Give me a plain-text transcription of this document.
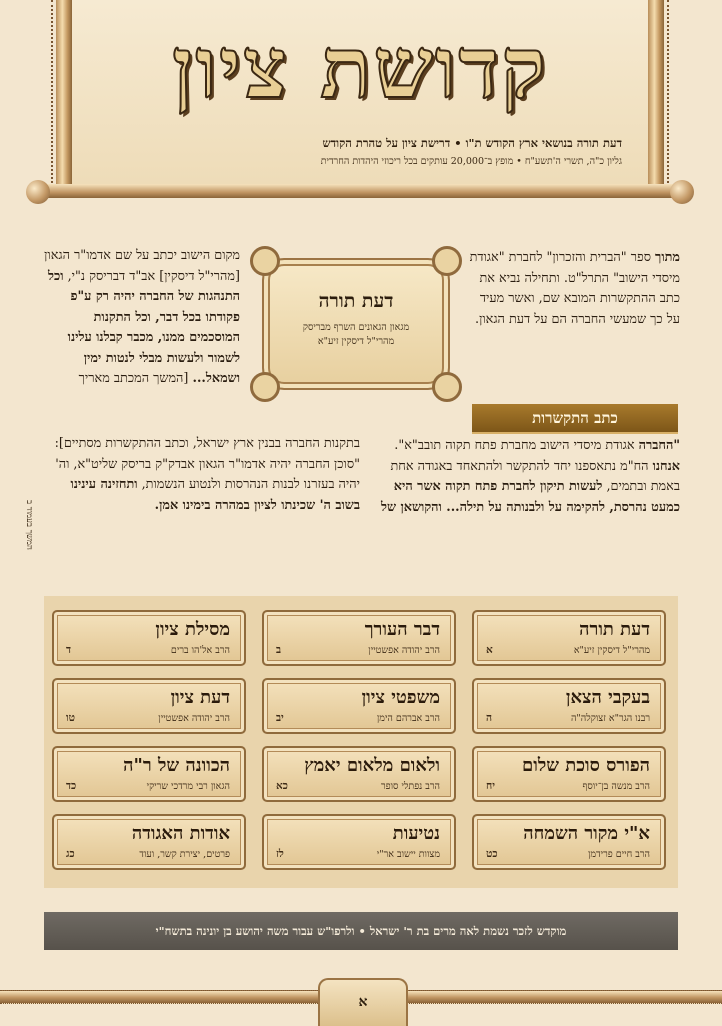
קדושת ציון
דעת תורה בנושאי ארץ הקודש ת"ו • דרישת ציון על טהרת הקודש
גליון כ"ה, תשרי ה'תשע"ח • מופץ ב־20,000 עותקים בכל ריכוזי היהדות החרדית
מתוך ספר "הברית והזכרון" לחברת "אגודת מיסדי הישוב" התרל"ט. ותחילה נביא את כתב ההתקשרות המובא שם, ואשר מעיד על כך שמעשי החברה הם על דעת הגאון.
דעת תורה
מגאון הגאונים השרף מבריסק
מהרי"ל דיסקין זיע"א
מקום הישוב יכתב על שם אדמו"ר הגאון [מהרי"ל דיסקין] אב"ד דבריסק נ"י, וכל התנהגות של החברה יהיה רק ע"פ פקודתו בכל דבר, וכל התקנות המוסכמים ממנו, מכבר קבלנו עלינו לשמור ולעשות מבלי לנטות ימין ושמאל... [המשך המכתב מאריך
כתב התקשרות
"החברה אגודת מיסדי הישוב מחברת פתח תקוה תובב"א".
אנחנו הח"מ נתאספנו יחד להתקשר ולהתאחד באגודה אחת באמת ובתמים, לעשות תיקון לחברת פתח תקוה אשר היא כמעט נהרסת, להקימה על ולבנותה על תילה... והקושאן של
בתקנות החברה בבנין ארץ ישראל, וכתב ההתקשרות מסתיים]: "סוכן החברה יהיה אדמו"ר הגאון אבדק"ק בריסק שליט"א, וה' יהיה בעזרנו לבנות הנהרסות ולנטוע הנשמות, ותחזינה עינינו בשוב ה' שכינתו לציון במהרה בימינו אמן.
המשך בעמוד ב
דעת תורה
מהרי"ל דיסקין זיע"א
א
דבר העורך
הרב יהודה אפשטיין
ב
מסילת ציון
הרב אל'הו ברים
ד
בעקבי הצאן
רבנו הגר"א זצוקלה"ה
ה
משפטי ציון
הרב אברהם הימן
יב
דעת ציון
הרב יהודה אפשטיין
טו
הפורס סוכת שלום
הרב מנשה בן־יוסף
יח
ולאום מלאום יאמץ
הרב נפתלי סופר
כא
הכוונה של ר"ה
הגאון רבי מרדכי שריקי
כד
א"י מקור השמחה
הרב חיים פרידמן
כט
נטיעות
מצוות יישוב אר"י
לז
אודות האגודה
פרטים, יצירת קשר, ועוד
כג
מוקדש לזכר נשמת לאה מרים בת ר' ישראל • ולרפו"ש עבור משה יהושע בן יונינה בתשח"י
א
